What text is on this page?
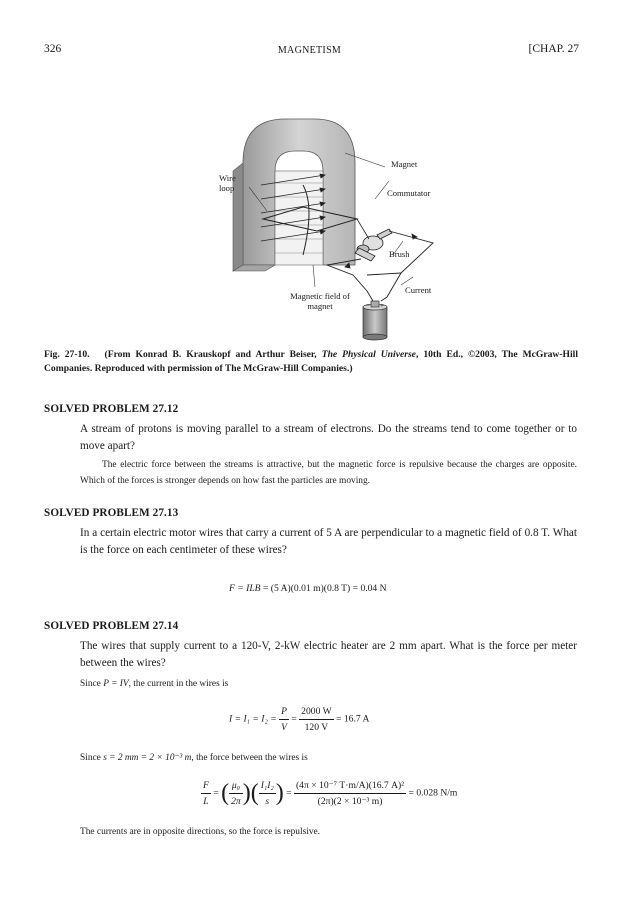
326	MAGNETISM	[CHAP. 27
Wire
loop
Magnet
Commutator
Brush
Current
Magnetic field of
magnet	+
−
Fig. 27-10. (From Konrad B. Krauskopf and Arthur Beiser, The Physical Universe, 10th Ed., ©2003, The McGraw-Hill Companies. Reproduced with permission of The McGraw-Hill Companies.)
SOLVED PROBLEM 27.12
A stream of protons is moving parallel to a stream of electrons. Do the streams tend to come together or to move apart?
The electric force between the streams is attractive, but the magnetic force is repulsive because the charges are opposite. Which of the forces is stronger depends on how fast the particles are moving.
SOLVED PROBLEM 27.13
In a certain electric motor wires that carry a current of 5 A are perpendicular to a magnetic field of 0.8 T. What is the force on each centimeter of these wires?
F = ILB = (5 A)(0.01 m)(0.8 T) = 0.04 N
SOLVED PROBLEM 27.14
The wires that supply current to a 120-V, 2-kW electric heater are 2 mm apart. What is the force per meter between the wires?
Since P = IV, the current in the wires is
$I = I_1 = I_2 = \frac{P}{V} = \frac{2000 W}{120 V} = 16.7$ A
Since s = 2 mm = 2 × 10⁻³ m, the force between the wires is
$\frac{F}{L}$ = ( $\frac{\text{μ₀}}{2\pi}$ )( $\frac{\text{I₁I₂}}{s}$ ) = $\frac{\text{(4π × 10⁻⁷ T·m/A)(16.7 A)²}}{\text{(2π)(2 × 10⁻³ m)}} = 0.028$ N/m
The currents are in opposite directions, so the force is repulsive.
